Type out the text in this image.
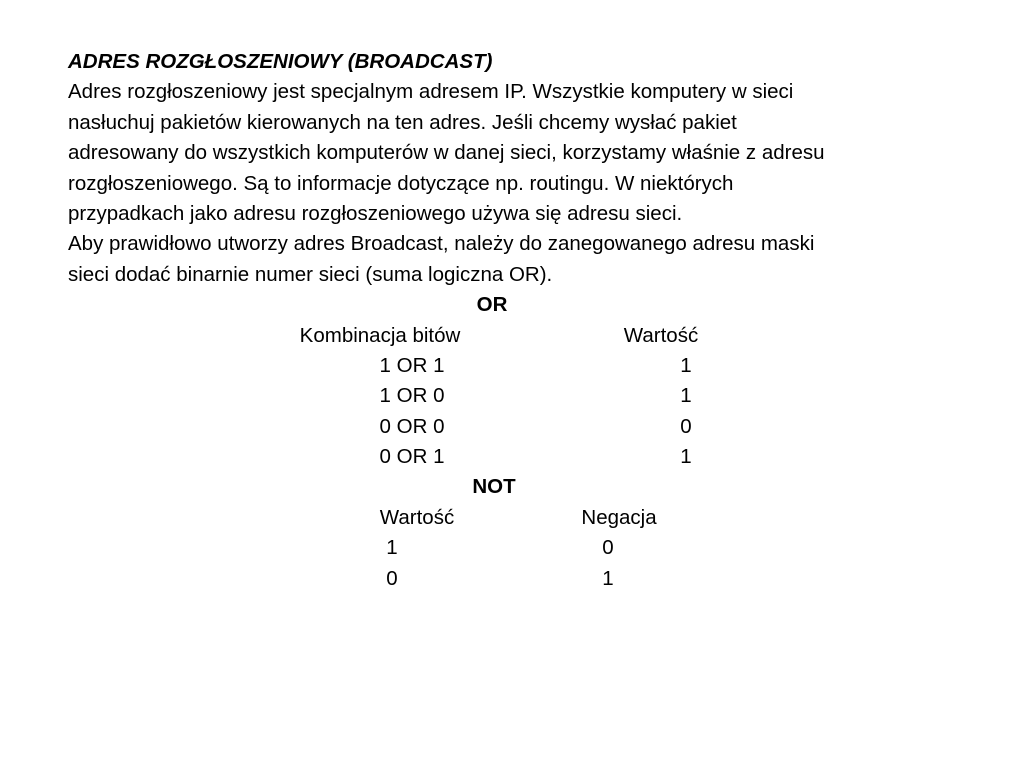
ADRES ROZGŁOSZENIOWY (BROADCAST)
Adres rozgłoszeniowy jest specjalnym adresem IP. Wszystkie komputery w sieci
nasłuchuj pakietów kierowanych na ten adres. Jeśli chcemy wysłać pakiet
adresowany do wszystkich komputerów w danej sieci, korzystamy właśnie z adresu
rozgłoszeniowego. Są to informacje dotyczące np. routingu. W niektórych
przypadkach jako adresu rozgłoszeniowego używa się adresu sieci.
Aby prawidłowo utworzy adres Broadcast, należy do zanegowanego adresu maski
sieci dodać binarnie numer sieci (suma logiczna OR).
OR
Kombinacja bitów	Wartość
1 OR 1	1
1 OR 0	1
0 OR 0	0
0 OR 1	1
NOT
Wartość	Negacja
1	0
0	1
